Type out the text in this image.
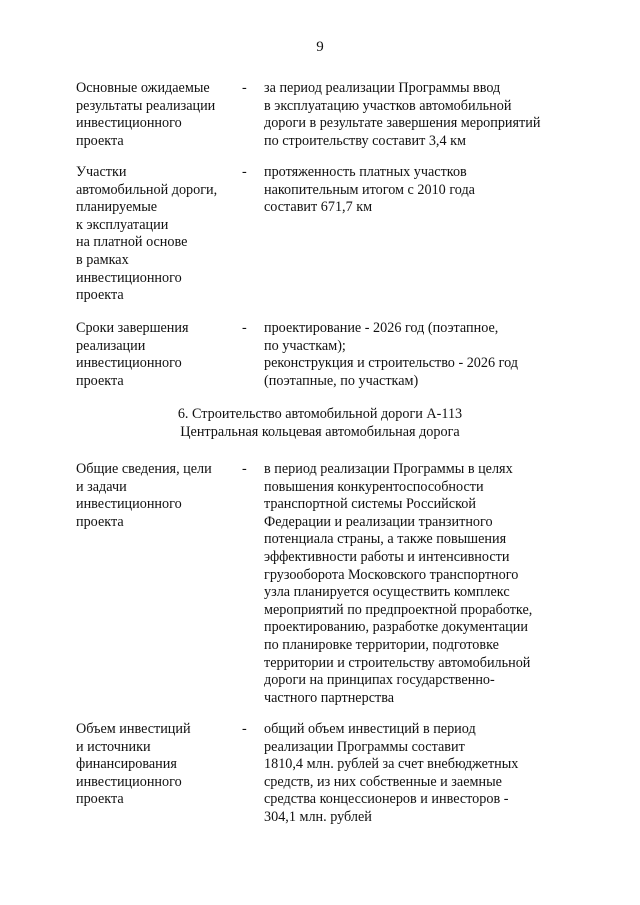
9
Основные ожидаемые
результаты реализации
инвестиционного
проекта
- за период реализации Программы ввод
в эксплуатацию участков автомобильной
дороги в результате завершения мероприятий
по строительству составит 3,4 км
Участки
автомобильной дороги,
планируемые
к эксплуатации
на платной основе
в рамках
инвестиционного
проекта
- протяженность платных участков
накопительным итогом с 2010 года
составит 671,7 км
Сроки завершения
реализации
инвестиционного
проекта
- проектирование - 2026 год (поэтапное,
по участкам);
реконструкция и строительство - 2026 год
(поэтапные, по участкам)
6. Строительство автомобильной дороги А-113
Центральная кольцевая автомобильная дорога
Общие сведения, цели
и задачи
инвестиционного
проекта
- в период реализации Программы в целях
повышения конкурентоспособности
транспортной системы Российской
Федерации и реализации транзитного
потенциала страны, а также повышения
эффективности работы и интенсивности
грузооборота Московского транспортного
узла планируется осуществить комплекс
мероприятий по предпроектной проработке,
проектированию, разработке документации
по планировке территории, подготовке
территории и строительству автомобильной
дороги на принципах государственно-
частного партнерства
Объем инвестиций
и источники
финансирования
инвестиционного
проекта
- общий объем инвестиций в период
реализации Программы составит
1810,4 млн. рублей за счет внебюджетных
средств, из них собственные и заемные
средства концессионеров и инвесторов -
304,1 млн. рублей
